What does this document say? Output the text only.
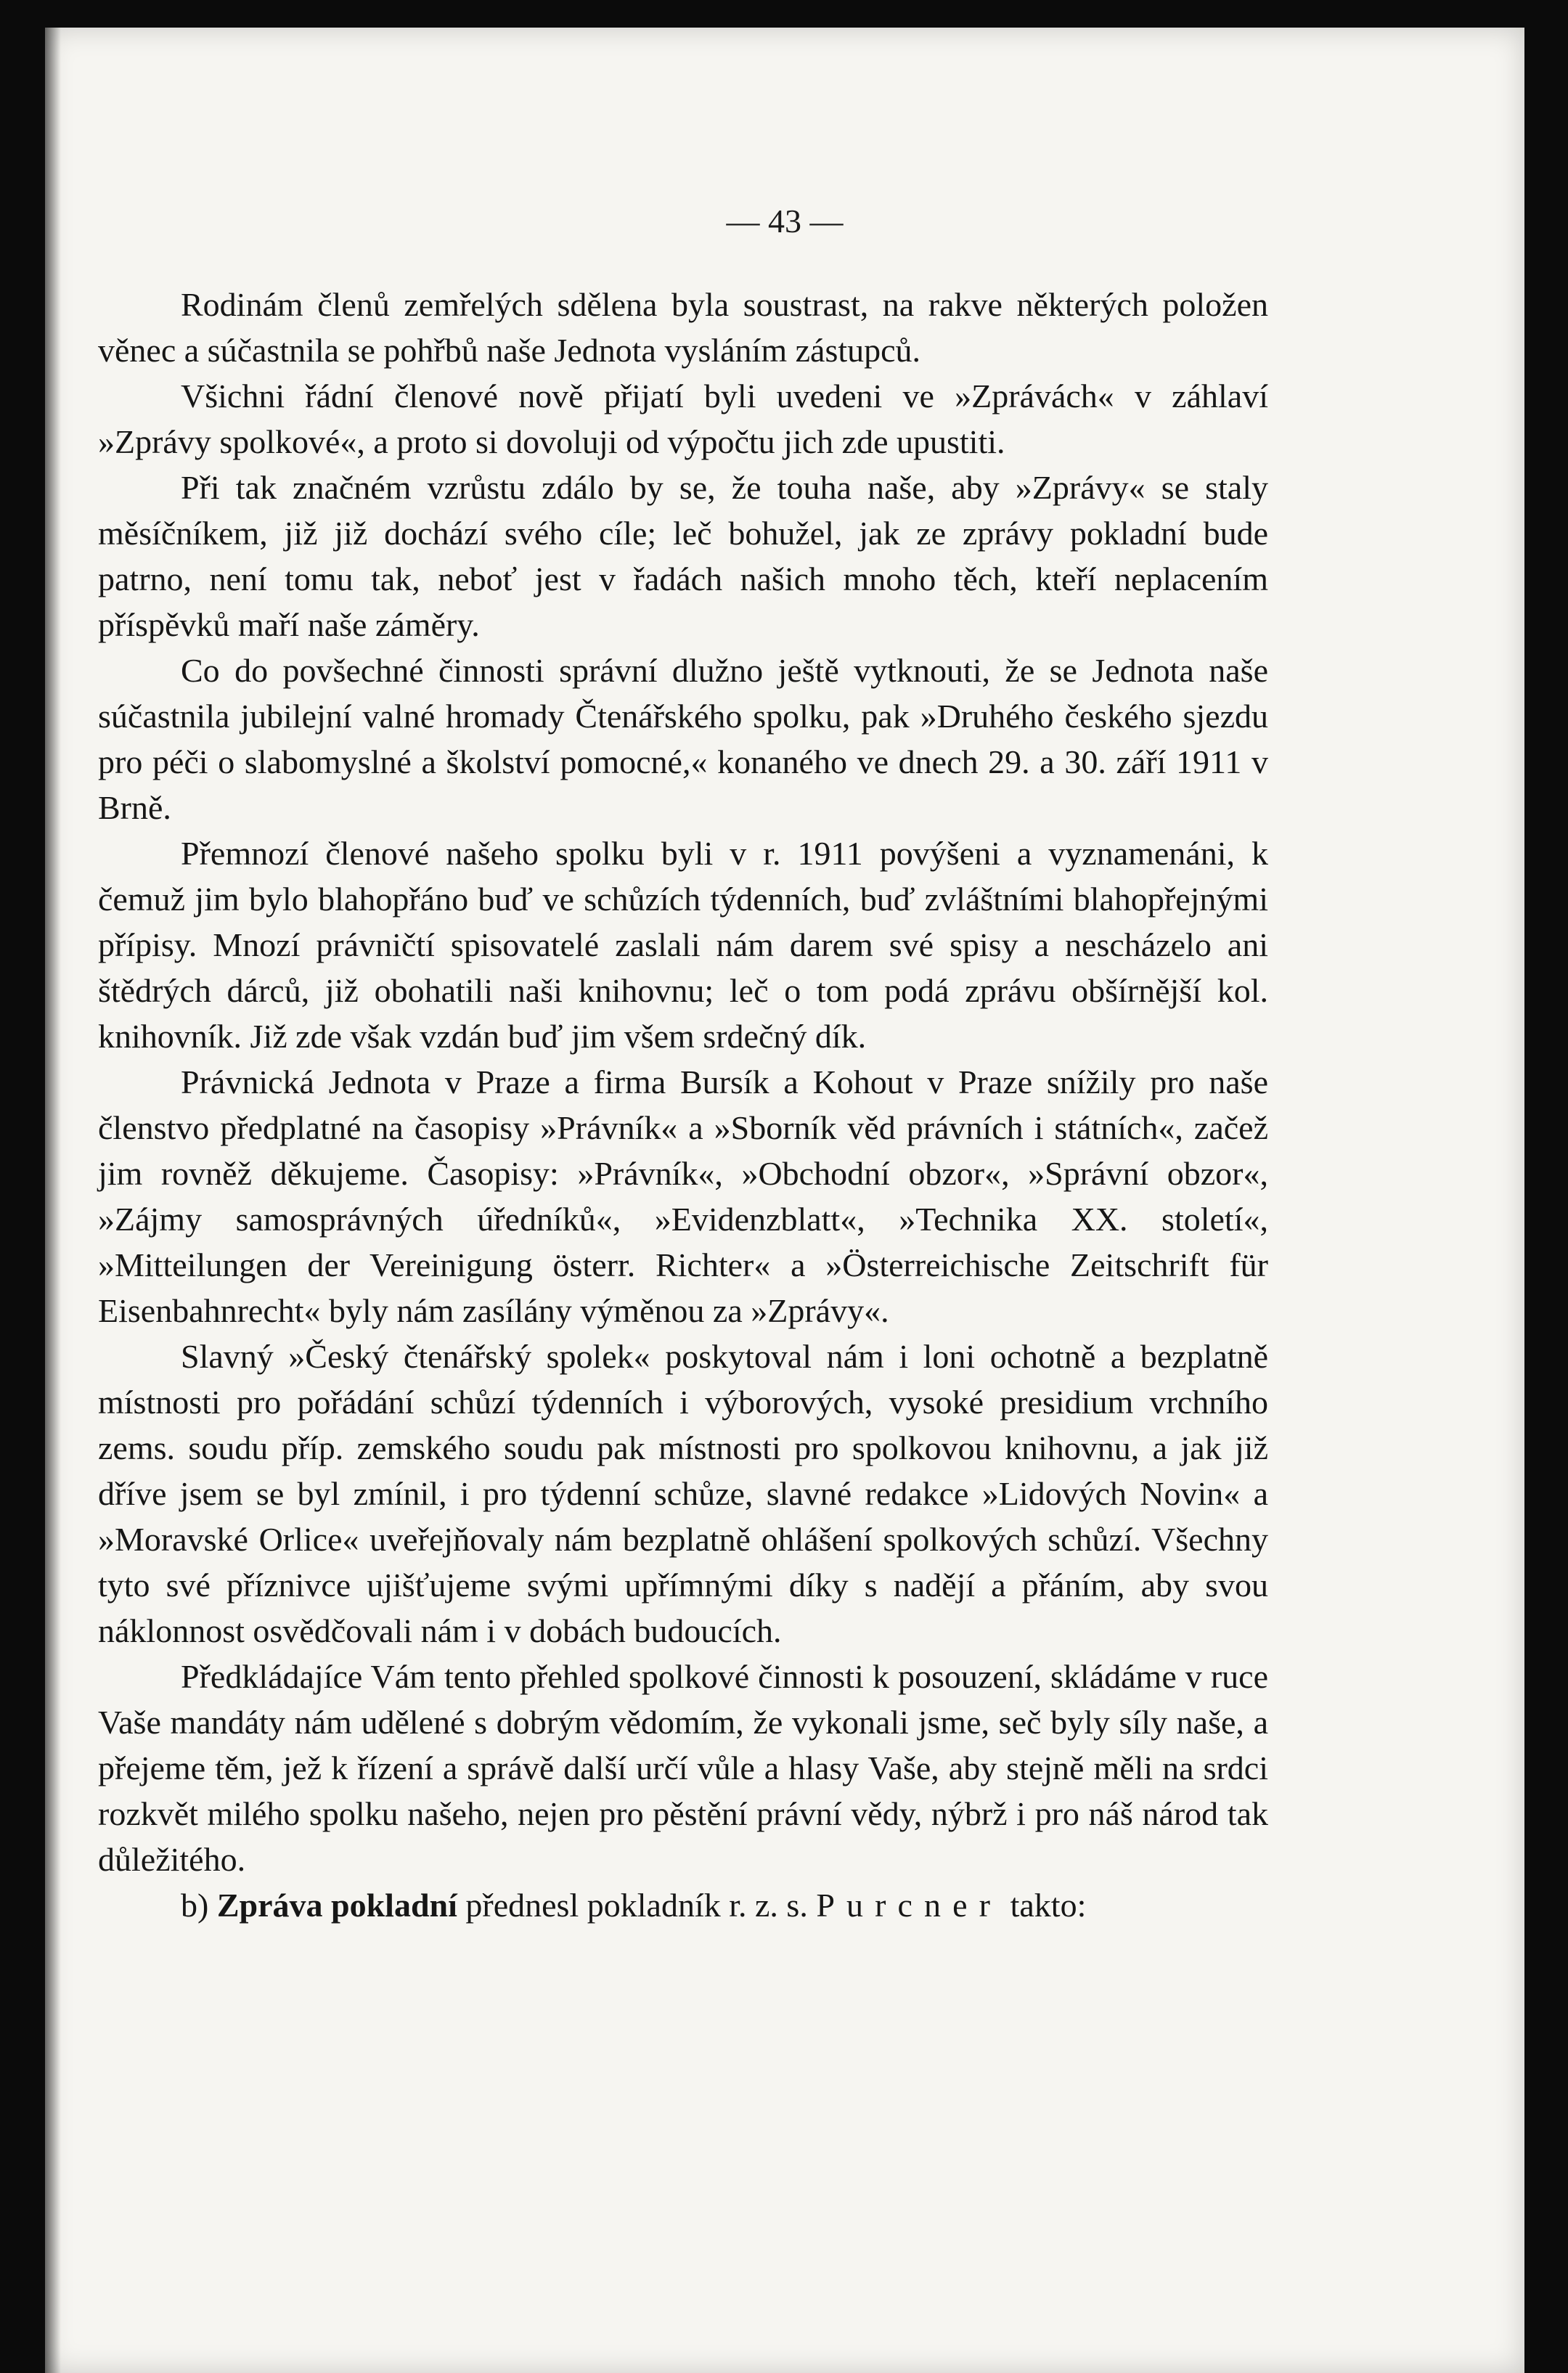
— 43 —

Rodinám členů zemřelých sdělena byla soustrast, na rakve některých položen věnec a súčastnila se pohřbů naše Jednota vysláním zástupců.

Všichni řádní členové nově přijatí byli uvedeni ve »Zprávách« v záhlaví »Zprávy spolkové«, a proto si dovoluji od výpočtu jich zde upustiti.

Při tak značném vzrůstu zdálo by se, že touha naše, aby »Zprávy« se staly měsíčníkem, již již dochází svého cíle; leč bohužel, jak ze zprávy pokladní bude patrno, není tomu tak, neboť jest v řadách našich mnoho těch, kteří neplacením příspěvků maří naše záměry.

Co do povšechné činnosti správní dlužno ještě vytknouti, že se Jednota naše súčastnila jubilejní valné hromady Čtenářského spolku, pak »Druhého českého sjezdu pro péči o slabomyslné a školství pomocné,« konaného ve dnech 29. a 30. září 1911 v Brně.

Přemnozí členové našeho spolku byli v r. 1911 povýšeni a vyznamenáni, k čemuž jim bylo blahopřáno buď ve schůzích týdenních, buď zvláštními blahopřejnými přípisy. Mnozí právničtí spisovatelé zaslali nám darem své spisy a nescházelo ani štědrých dárců, již obohatili naši knihovnu; leč o tom podá zprávu obšírnější kol. knihovník. Již zde však vzdán buď jim všem srdečný dík.

Právnická Jednota v Praze a firma Bursík a Kohout v Praze snížily pro naše členstvo předplatné na časopisy »Právník« a »Sborník věd právních i státních«, začež jim rovněž děkujeme. Časopisy: »Právník«, »Obchodní obzor«, »Správní obzor«, »Zájmy samosprávných úředníků«, »Evidenzblatt«, »Technika XX. století«, »Mitteilungen der Vereinigung österr. Richter« a »Österreichische Zeitschrift für Eisenbahnrecht« byly nám zasílány výměnou za »Zprávy«.

Slavný »Český čtenářský spolek« poskytoval nám i loni ochotně a bezplatně místnosti pro pořádání schůzí týdenních i výborových, vysoké presidium vrchního zems. soudu příp. zemského soudu pak místnosti pro spolkovou knihovnu, a jak již dříve jsem se byl zmínil, i pro týdenní schůze, slavné redakce »Lidových Novin« a »Moravské Orlice« uveřejňovaly nám bezplatně ohlášení spolkových schůzí. Všechny tyto své příznivce ujišťujeme svými upřímnými díky s nadějí a přáním, aby svou náklonnost osvědčovali nám i v dobách budoucích.

Předkládajíce Vám tento přehled spolkové činnosti k posouzení, skládáme v ruce Vaše mandáty nám udělené s dobrým vědomím, že vykonali jsme, seč byly síly naše, a přejeme těm, jež k řízení a správě další určí vůle a hlasy Vaše, aby stejně měli na srdci rozkvět milého spolku našeho, nejen pro pěstění právní vědy, nýbrž i pro náš národ tak důležitého.

b) Zpráva pokladní přednesl pokladník r. z. s. Purcner takto:
